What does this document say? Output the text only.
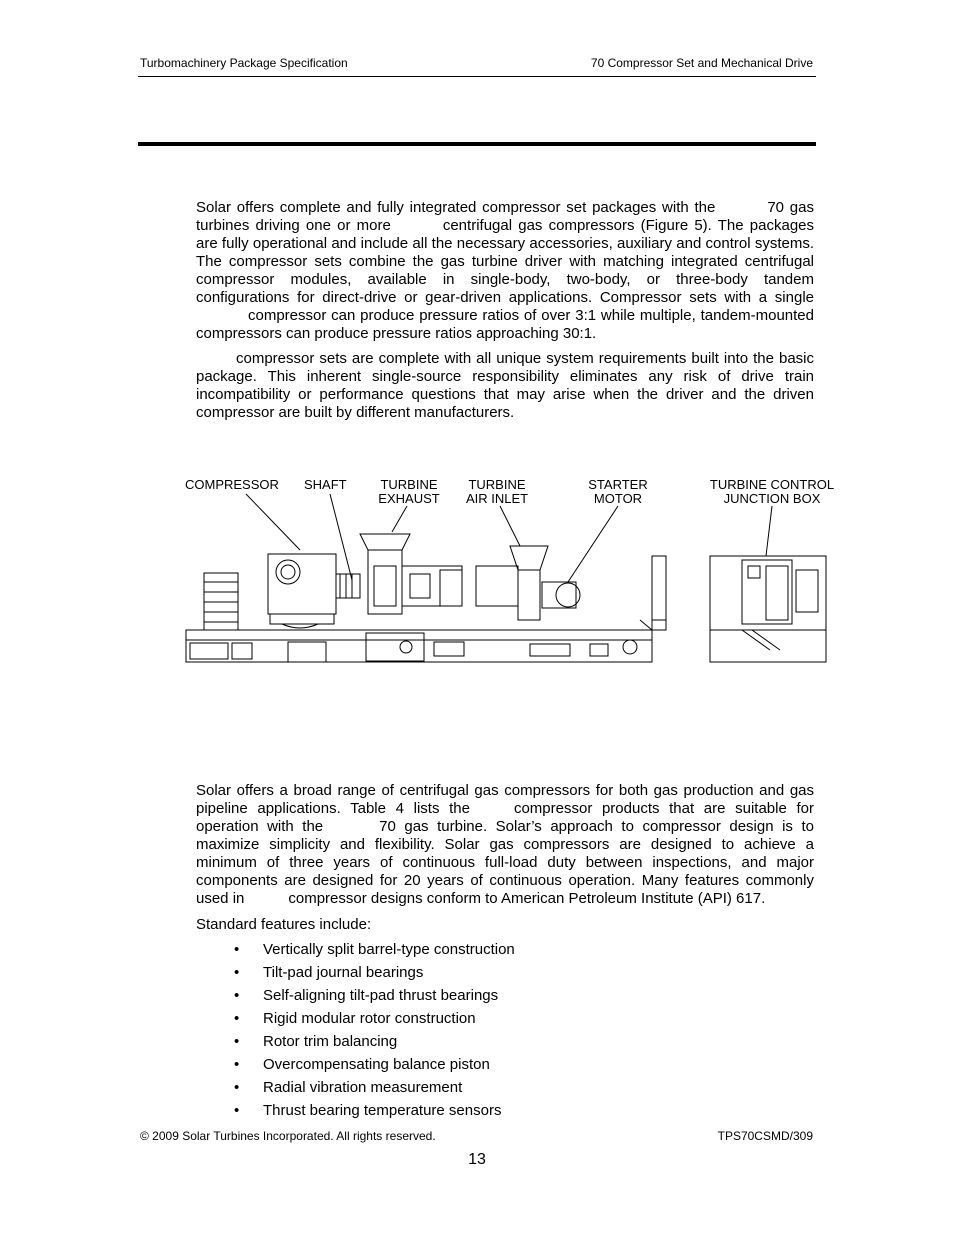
Turbomachinery Package Specification	70 Compressor Set and Mechanical Drive
Solar offers complete and fully integrated compressor set packages with the	70 gas turbines driving one or more	centrifugal gas compressors (Figure 5). The packages are fully operational and include all the necessary accessories, auxiliary and control systems. The compressor sets combine the gas turbine driver with matching integrated centrifugal compressor modules, available in single-body, two-body, or three-body tandem configurations for direct-drive or gear-driven applications. Compressor sets with a singlecompressor can produce pressure ratios of over 3:1 while multiple, tandem-mounted compressors can produce pressure ratios approaching 30:1.
compressor sets are complete with all unique system requirements built into the basic package. This inherent single-source responsibility eliminates any risk of drive train incompatibility or performance questions that may arise when the driver and the driven compressor are built by different manufacturers.
COMPRESSOR SHAFT	TURBINE
EXHAUST
TURBINE
AIR INLET
STARTER
MOTOR
TURBINE CONTROL
JUNCTION BOX
Solar offers a broad range of centrifugal gas compressors for both gas production and gas pipeline applications. Table 4 lists the	compressor products that are suitable for operation with the	70 gas turbine. Solar’s approach to compressor design is to maximize simplicity and flexibility. Solar gas compressors are designed to achieve a minimum of three years of continuous full-load duty between inspections, and major components are designed for 20 years of continuous operation. Many features commonly used in	compressor designs conform to American Petroleum Institute (API) 617.
Standard features include:
• Vertically split barrel-type construction
• Tilt-pad journal bearings
• Self-aligning tilt-pad thrust bearings
• Rigid modular rotor construction
• Rotor trim balancing
• Overcompensating balance piston
• Radial vibration measurement
• Thrust bearing temperature sensors
© 2009 Solar Turbines Incorporated. All rights reserved.	TPS70CSMD/309
13
